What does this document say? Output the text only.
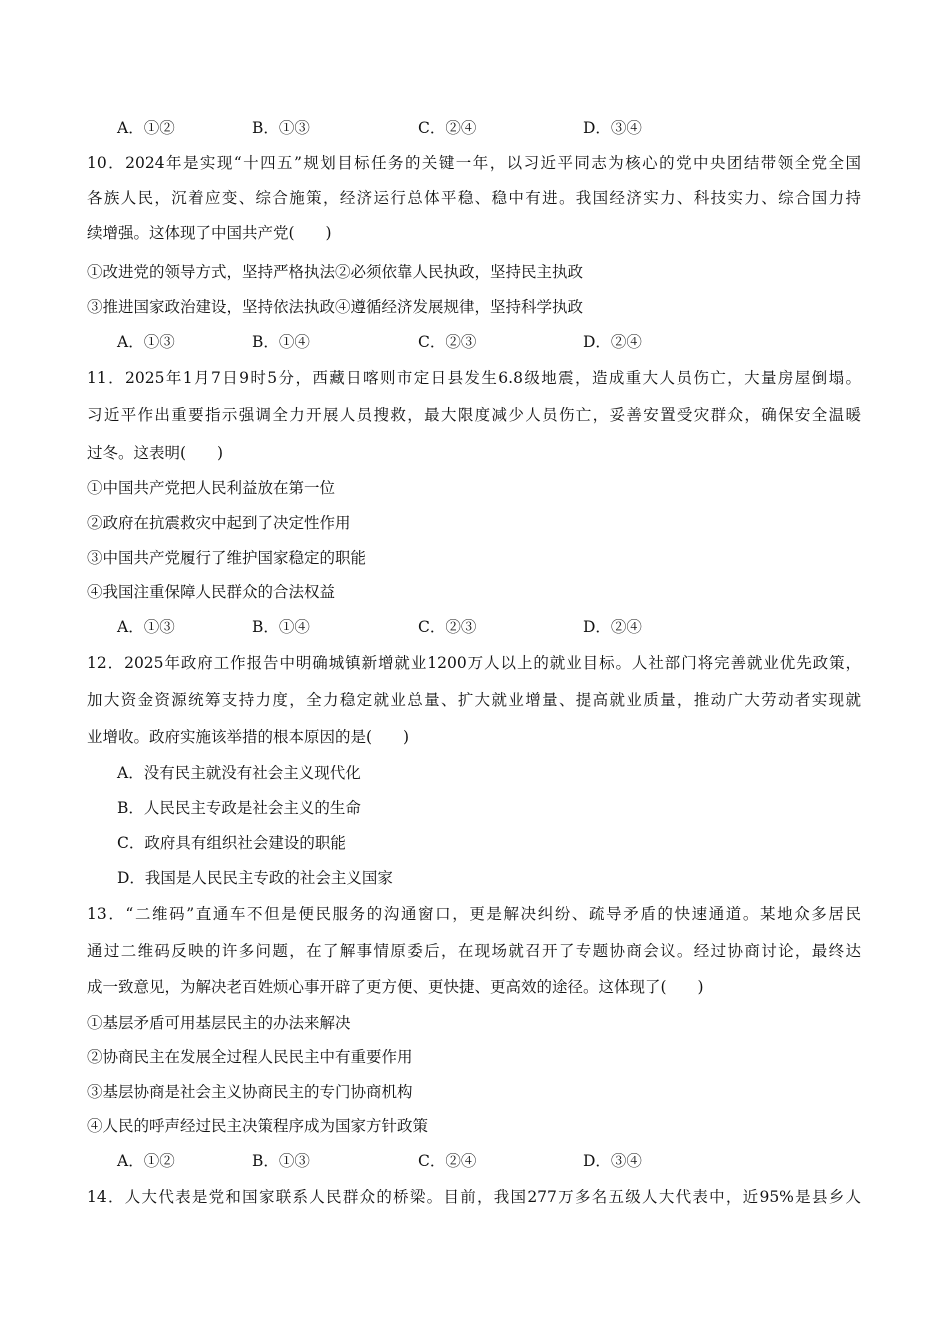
A．①②	B．①③	C．②④	D．③④
10．2024年是实现“十四五”规划目标任务的关键一年，以习近平同志为核心的党中央团结带领全党全国
各族人民，沉着应变、综合施策，经济运行总体平稳、稳中有进。我国经济实力、科技实力、综合国力持
续增强。这体现了中国共产党(　　)
①改进党的领导方式，坚持严格执法②必须依靠人民执政，坚持民主执政
③推进国家政治建设，坚持依法执政④遵循经济发展规律，坚持科学执政
A．①③	B．①④	C．②③	D．②④
11．2025年1月7日9时5分，西藏日喀则市定日县发生6.8级地震，造成重大人员伤亡，大量房屋倒塌。
习近平作出重要指示强调全力开展人员搜救，最大限度减少人员伤亡，妥善安置受灾群众，确保安全温暖
过冬。这表明(　　)
①中国共产党把人民利益放在第一位
②政府在抗震救灾中起到了决定性作用
③中国共产党履行了维护国家稳定的职能
④我国注重保障人民群众的合法权益
A．①③	B．①④	C．②③	D．②④
12．2025年政府工作报告中明确城镇新增就业1200万人以上的就业目标。人社部门将完善就业优先政策，
加大资金资源统筹支持力度，全力稳定就业总量、扩大就业增量、提高就业质量，推动广大劳动者实现就
业增收。政府实施该举措的根本原因的是(　　)
A．没有民主就没有社会主义现代化
B．人民民主专政是社会主义的生命
C．政府具有组织社会建设的职能
D．我国是人民民主专政的社会主义国家
13．“二维码”直通车不但是便民服务的沟通窗口，更是解决纠纷、疏导矛盾的快速通道。某地众多居民
通过二维码反映的许多问题，在了解事情原委后，在现场就召开了专题协商会议。经过协商讨论，最终达
成一致意见，为解决老百姓烦心事开辟了更方便、更快捷、更高效的途径。这体现了(　　)
①基层矛盾可用基层民主的办法来解决
②协商民主在发展全过程人民民主中有重要作用
③基层协商是社会主义协商民主的专门协商机构
④人民的呼声经过民主决策程序成为国家方针政策
A．①②	B．①③	C．②④	D．③④
14．人大代表是党和国家联系人民群众的桥梁。目前，我国277万多名五级人大代表中，近95%是县乡人
